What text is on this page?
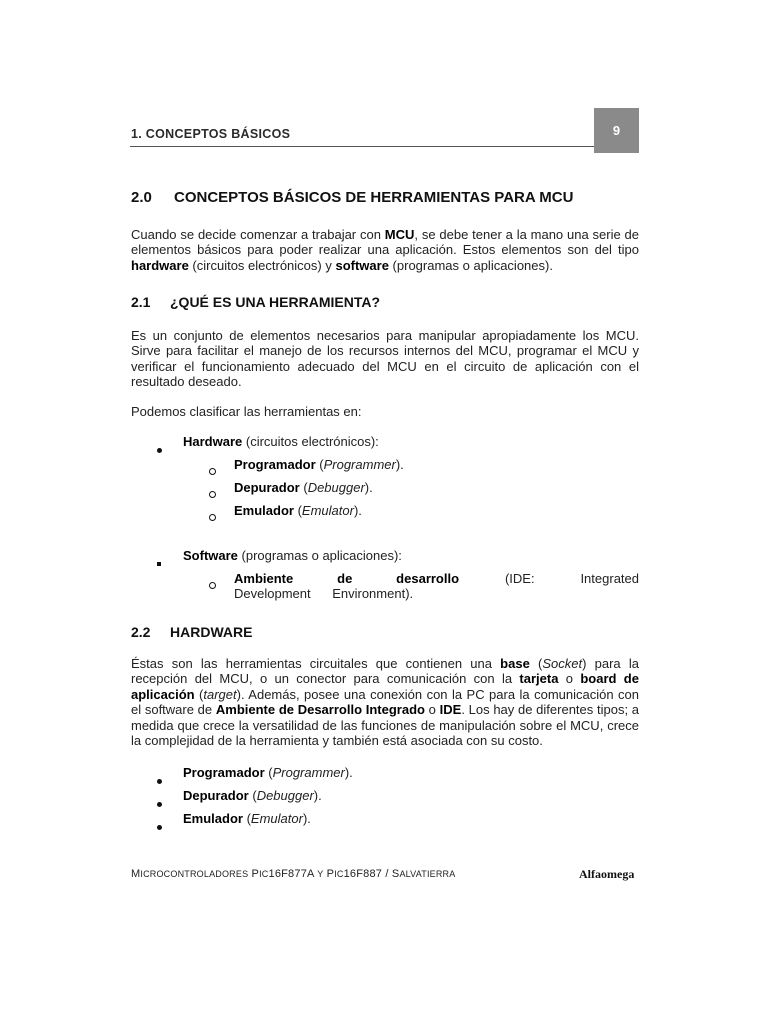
1. CONCEPTOS BÁSICOS	9
2.0 CONCEPTOS BÁSICOS DE HERRAMIENTAS PARA MCU
Cuando se decide comenzar a trabajar con MCU, se debe tener a la mano una serie de elementos básicos para poder realizar una aplicación. Estos elementos son del tipo hardware (circuitos electrónicos) y software (programas o aplicaciones).
2.1 ¿QUÉ ES UNA HERRAMIENTA?
Es un conjunto de elementos necesarios para manipular apropiadamente los MCU. Sirve para facilitar el manejo de los recursos internos del MCU, programar el MCU y verificar el funcionamiento adecuado del MCU en el circuito de aplicación con el resultado deseado.
Podemos clasificar las herramientas en:
Hardware (circuitos electrónicos):
Programador (Programmer).
Depurador (Debugger).
Emulador (Emulator).
Software (programas o aplicaciones):
Ambiente de desarrollo (IDE: Integrated Development Environment).
2.2 HARDWARE
Éstas son las herramientas circuitales que contienen una base (Socket) para la recepción del MCU, o un conector para comunicación con la tarjeta o board de aplicación (target). Además, posee una conexión con la PC para la comunicación con el software de Ambiente de Desarrollo Integrado o IDE. Los hay de diferentes tipos; a medida que crece la versatilidad de las funciones de manipulación sobre el MCU, crece la complejidad de la herramienta y también está asociada con su costo.
Programador (Programmer).
Depurador (Debugger).
Emulador (Emulator).
MICROCONTROLADORES PIC16F877A Y PIC16F887 / SALVATIERRA	Alfaomega
